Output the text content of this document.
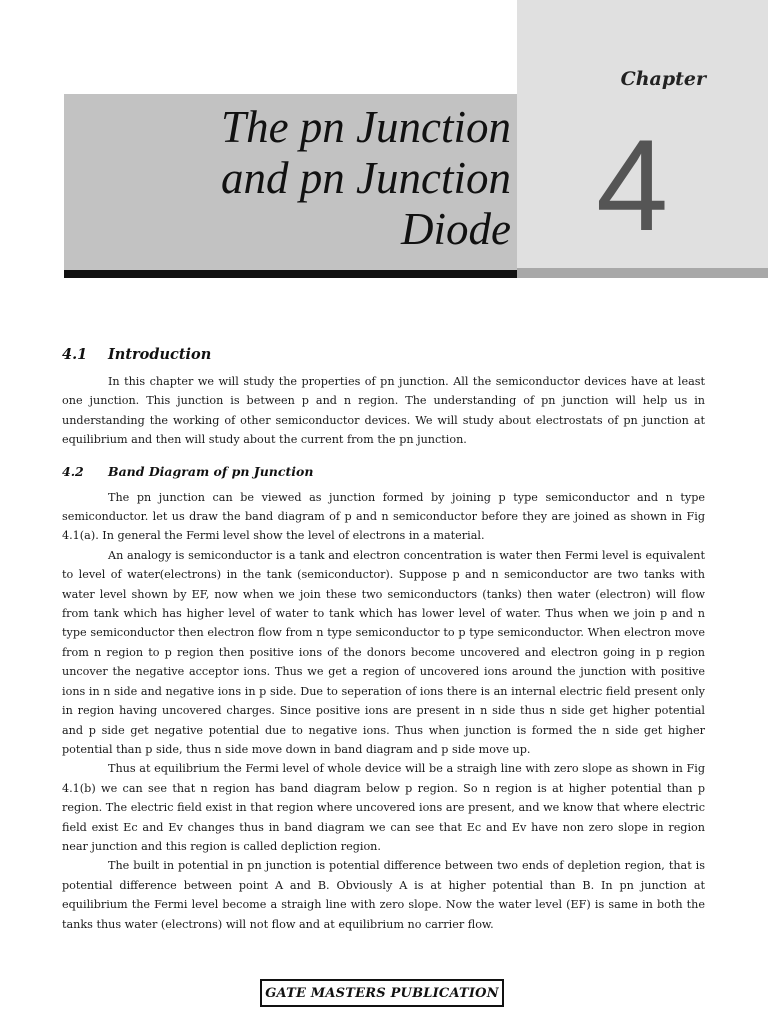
Chapter
4
The pn Junction
and pn Junction
Diode
4.1 Introduction

In this chapter we will study the properties of pn junction. All the semiconductor devices have at least one junction. This junction is between p and n region. The understanding of pn junction will help us in understanding the working of other semiconductor devices. We will study about electrostats of pn junction at equilibrium and then will study about the current from the pn junction.

4.2 Band Diagram of pn Junction

The pn junction can be viewed as junction formed by joining p type semiconductor and n type semiconductor. let us draw the band diagram of p and n semiconductor before they are joined as shown in Fig 4.1(a). In general the Fermi level show the level of electrons in a material.

An analogy is semiconductor is a tank and electron concentration is water then Fermi level is equivalent to level of water(electrons) in the tank (semiconductor). Suppose p and n semiconductor are two tanks with water level shown by EF, now when we join these two semiconductors (tanks) then water (electron) will flow from tank which has higher level of water to tank which has lower level of water. Thus when we join p and n type semiconductor then electron flow from n type semiconductor to p type semiconductor. When electron move from n region to p region then positive ions of the donors become uncovered and electron going in p region uncover the negative acceptor ions. Thus we get a region of uncovered ions around the junction with positive ions in n side and negative ions in p side. Due to seperation of ions there is an internal electric field present only in region having uncovered charges. Since positive ions are present in n side thus n side get higher potential and p side get negative potential due to negative ions. Thus when junction is formed the n side get higher potential than p side, thus n side move down in band diagram and p side move up.

Thus at equilibrium the Fermi level of whole device will be a straigh line with zero slope as shown in Fig 4.1(b) we can see that n region has band diagram below p region. So n region is at higher potential than p region. The electric field exist in that region where uncovered ions are present, and we know that where electric field exist Ec and Ev changes thus in band diagram we can see that Ec and Ev have non zero slope in region near junction and this region is called depliction region.

The built in potential in pn junction is potential difference between two ends of depletion region, that is potential difference between point A and B. Obviously A is at higher potential than B. In pn junction at equilibrium the Fermi level become a straigh line with zero slope. Now the water level (EF) is same in both the tanks thus water (electrons) will not flow and at equilibrium no carrier flow.

GATE MASTERS PUBLICATION
